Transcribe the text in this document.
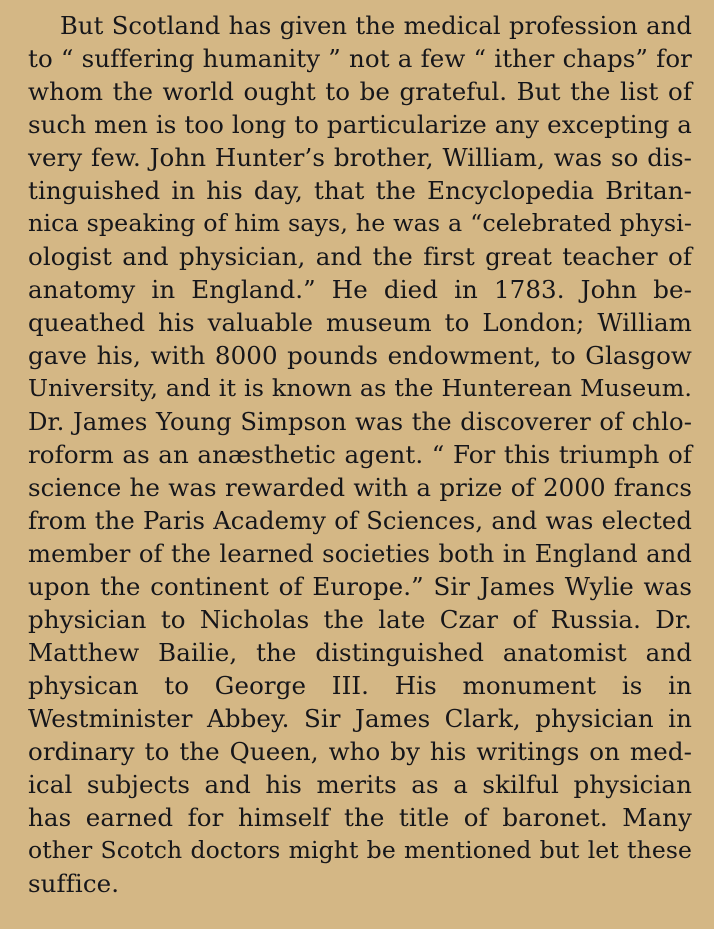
But Scotland has given the medical profession and
to “ suffering humanity ” not a few “ ither chaps” for
whom the world ought to be grateful. But the list of
such men is too long to particularize any excepting a
very few. John Hunter’s brother, William, was so dis-
tinguished in his day, that the Encyclopedia Britan-
nica speaking of him says, he was a “celebrated physi-
ologist and physician, and the first great teacher of
anatomy in England.” He died in 1783. John be-
queathed his valuable museum to London; William
gave his, with 8000 pounds endowment, to Glasgow
University, and it is known as the Hunterean Museum.
Dr. James Young Simpson was the discoverer of chlo-
roform as an anæsthetic agent. “ For this triumph of
science he was rewarded with a prize of 2000 francs
from the Paris Academy of Sciences, and was elected
member of the learned societies both in England and
upon the continent of Europe.” Sir James Wylie was
physician to Nicholas the late Czar of Russia. Dr.
Matthew Bailie, the distinguished anatomist and
physican to George III. His monument is in
Westminister Abbey. Sir James Clark, physician in
ordinary to the Queen, who by his writings on med-
ical subjects and his merits as a skilful physician
has earned for himself the title of baronet. Many
other Scotch doctors might be mentioned but let these
suffice.
